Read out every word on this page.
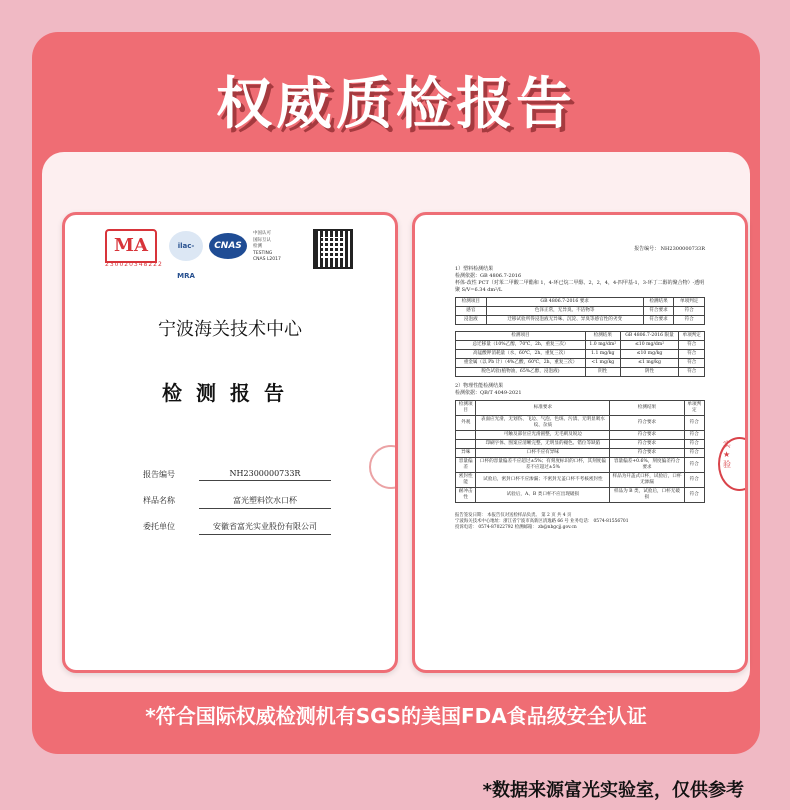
权威质检报告
MA
230020348222
ilac-MRA
CNAS
中国认可
国际互认
检测
TESTING
CNAS L2017
宁波海关技术中心
检测报告
报告编号	NH2300000733R
样品名称	富光塑料饮水口杯
委托单位	安徽省富光实业股份有限公司
报告编号： NH2300000733R
1）塑料检测结果
检测依据：GB 4806.7-2016
杯体-改性 PCT（对苯二甲酸二甲酯和 1，4-环已烷二甲醇、2，2，4，4-四甲基-1，3-环丁二醇的聚合物）-透明聚 S/V=6.34 dm²/L
检测项目	GB 4806.7-2016 要求	检测结果	单项判定
感官	色泽正常，无异臭、不洁物等	符合要求	符合
浸泡液	迁移试验所得浸泡液无异味、沉淀、异臭等感官性的劣变	符合要求	符合
检测项目	检测结果	GB 4806.7-2016 限量	单项判定
总迁移量（10%乙醇，70℃，2h，重复三次）	1.0 mg/dm²	≤10 mg/dm²	符合
高锰酸钾消耗量（水，60℃，2h，重复三次）	1.1 mg/kg	≤10 mg/kg	符合
重金属（以 Pb 计）（4%乙酸，60℃，2h，重复三次）	<1 mg/kg	≤1 mg/kg	符合
脱色试验(植物油，65%乙醇，浸泡液)	阴性	阴性	符合
2）物理性能检测结果
检测依据：QB/T 4049-2021
检测项目	标准要求	检测结果	单项判定
外观	表面应光滑，无划伤、飞边、气泡、色斑、污渍、无明显吸水纹、杂质	符合要求	符合
	可触及部位应光滑圆整，无毛刺及锐边	符合要求	符合
	印刷字体、图案应清晰完整，无明显的褪色、错位等缺陷	符合要求	符合
异味	口杯不应有异味	符合要求	符合
容量偏差	口杯的容量偏差不应超过±5%；有刻度标识的口杯，其刻度偏差不应超过±5%	容量偏差+0.6%，刻度偏差符合要求	符合
密封性能	试验后，密封口杯不应渗漏；不密封无盖口杯不考核密封性	样品为开盖式口杯，试验后，口杯无渗漏	符合
耐冲击性	试验后，A、B 类口杯不应出现破损	样品为 B 类，试验后，口杯无破损	符合
报告签发日期： 本报告仅对送检样品负责。 第 2 页 共 4 页
宁波海关技术中心地址：浙江省宁波市高新区清逸路 66 号 业务电话： 0574-81556701
投诉电话： 0574-87022792 检测邮箱： zb@nbgcjj.gov.cn
实
★
验
*符合国际权威检测机有SGS的美国FDA食品级安全认证
*数据来源富光实验室，仅供参考
